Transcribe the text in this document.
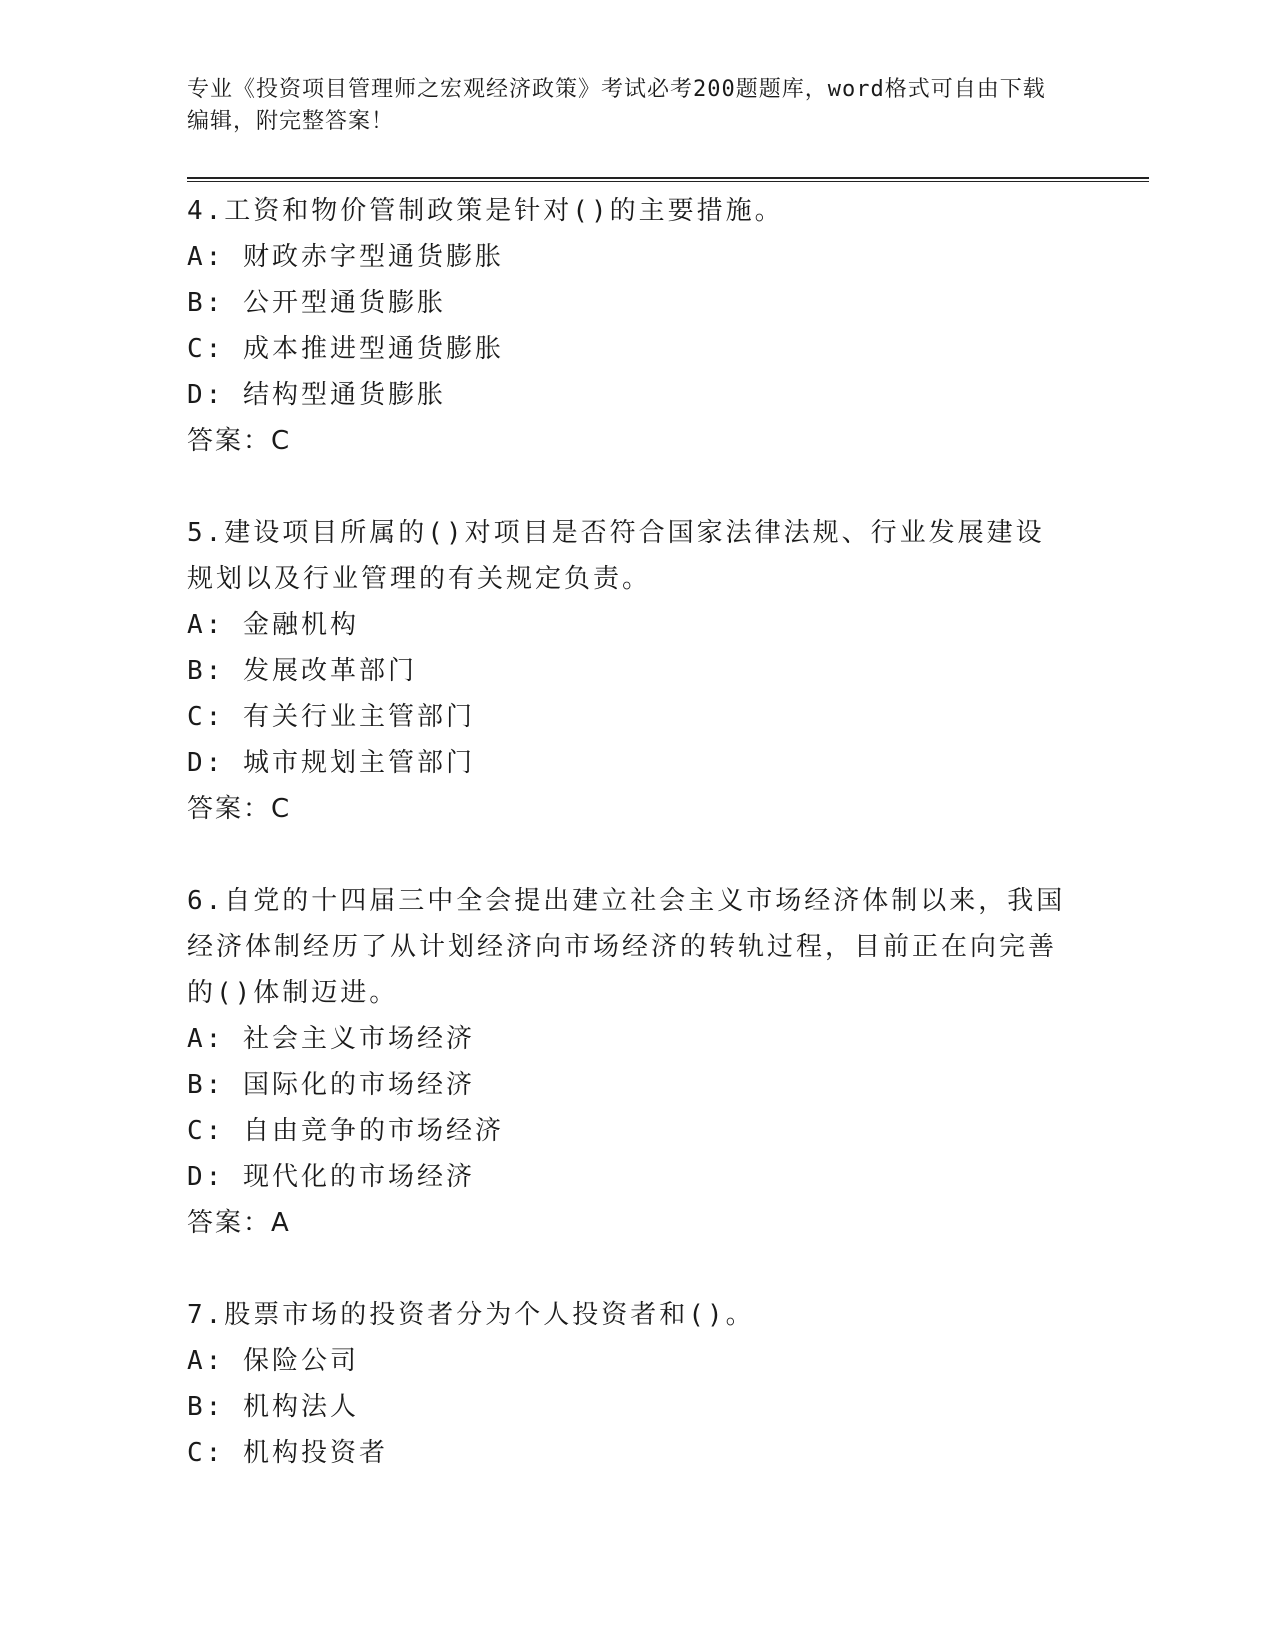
专业《投资项目管理师之宏观经济政策》考试必考200题题库，word格式可自由下载编辑，附完整答案！
4.工资和物价管制政策是针对()的主要措施。
A: 财政赤字型通货膨胀
B: 公开型通货膨胀
C: 成本推进型通货膨胀
D: 结构型通货膨胀
答案：C
5.建设项目所属的()对项目是否符合国家法律法规、行业发展建设规划以及行业管理的有关规定负责。
A: 金融机构
B: 发展改革部门
C: 有关行业主管部门
D: 城市规划主管部门
答案：C
6.自党的十四届三中全会提出建立社会主义市场经济体制以来，我国经济体制经历了从计划经济向市场经济的转轨过程，目前正在向完善的()体制迈进。
A: 社会主义市场经济
B: 国际化的市场经济
C: 自由竞争的市场经济
D: 现代化的市场经济
答案：A
7.股票市场的投资者分为个人投资者和()。
A: 保险公司
B: 机构法人
C: 机构投资者
